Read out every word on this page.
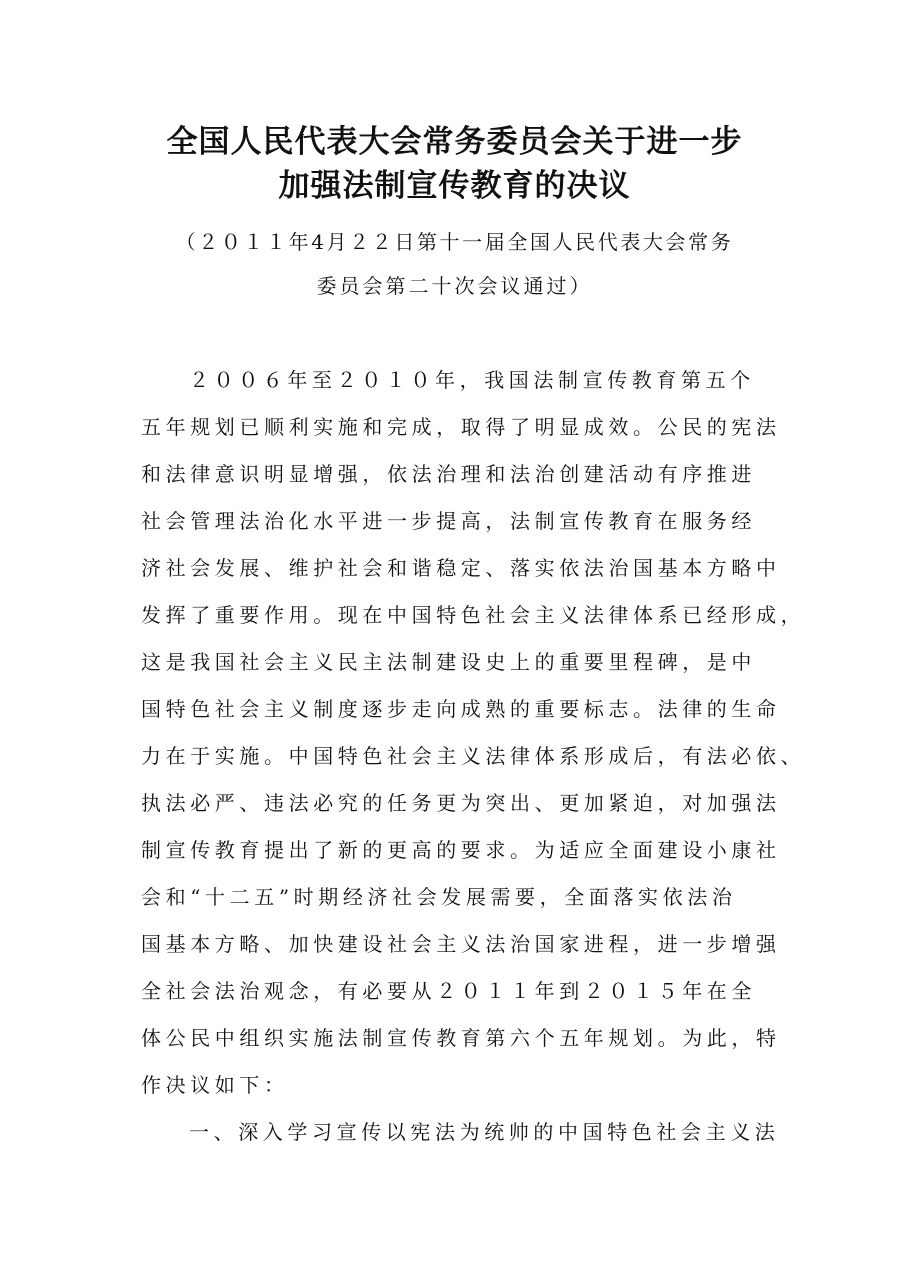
全国人民代表大会常务委员会关于进一步
加强法制宣传教育的决议
（２０１１年4月２２日第十一届全国人民代表大会常务
委员会第二十次会议通过）
２００６年至２０１０年，我国法制宣传教育第五个
五年规划已顺利实施和完成，取得了明显成效。公民的宪法
和法律意识明显增强，依法治理和法治创建活动有序推进
社会管理法治化水平进一步提高，法制宣传教育在服务经
济社会发展、维护社会和谐稳定、落实依法治国基本方略中
发挥了重要作用。现在中国特色社会主义法律体系已经形成，
这是我国社会主义民主法制建设史上的重要里程碑，是中
国特色社会主义制度逐步走向成熟的重要标志。法律的生命
力在于实施。中国特色社会主义法律体系形成后，有法必依、
执法必严、违法必究的任务更为突出、更加紧迫，对加强法
制宣传教育提出了新的更高的要求。为适应全面建设小康社
会和“十二五”时期经济社会发展需要，全面落实依法治
国基本方略、加快建设社会主义法治国家进程，进一步增强
全社会法治观念，有必要从２０１１年到２０１５年在全
体公民中组织实施法制宣传教育第六个五年规划。为此，特
作决议如下：
一、深入学习宣传以宪法为统帅的中国特色社会主义法
